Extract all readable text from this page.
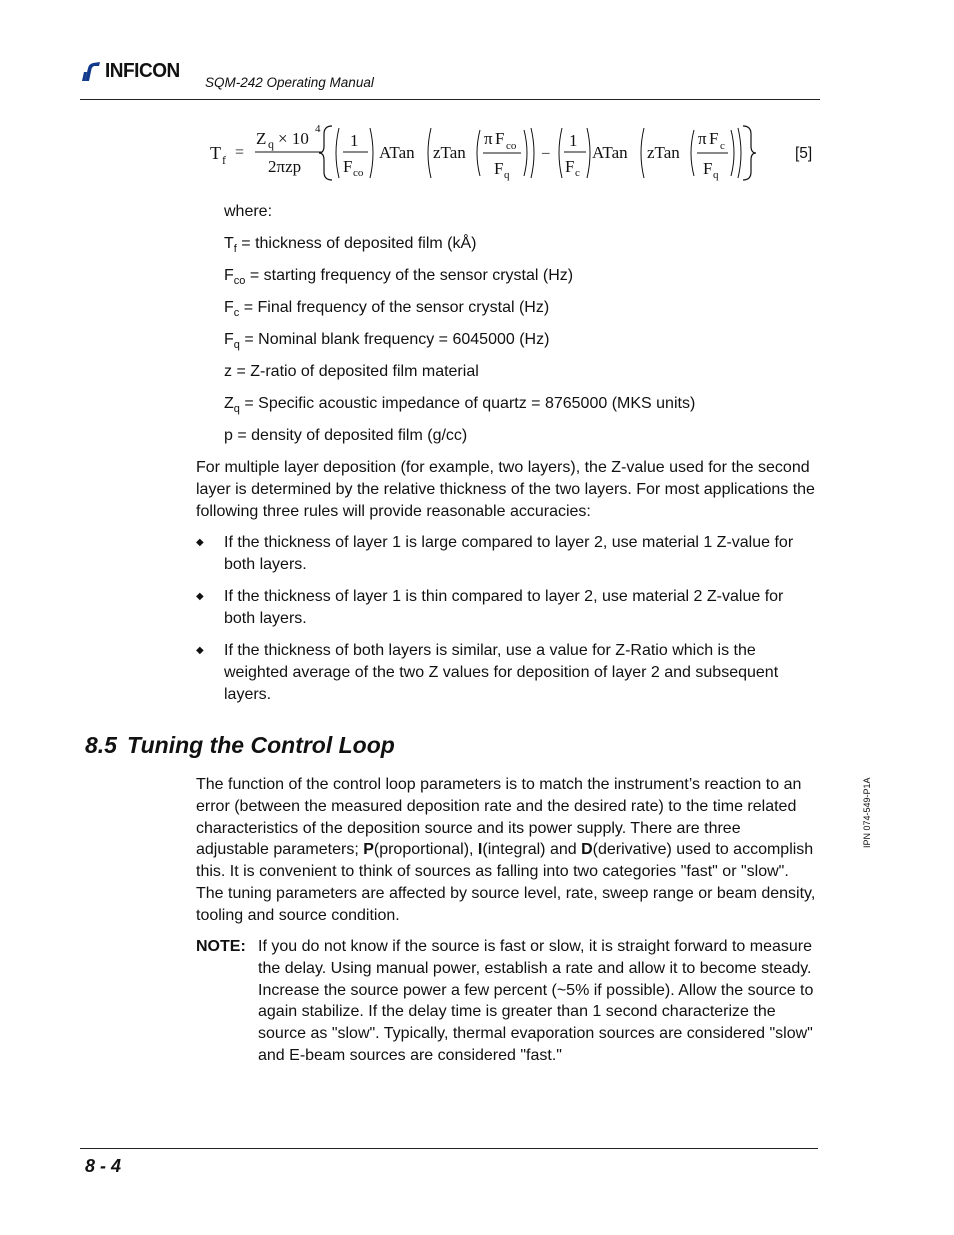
INFICON
SQM-242 Operating Manual
T f =
Z q × 10 4
2πzp
1
F co
ATan zTan
π F co
F q
–
1
F c
ATan zTan
π F c
F q
[5]
where:
$T_f$ = thickness of deposited film (kÅ)
$F_{co}$ = starting frequency of the sensor crystal (Hz)
$F_c$ = Final frequency of the sensor crystal (Hz)
$F_q$ = Nominal blank frequency = 6045000 (Hz)
z = Z-ratio of deposited film material
$Z_q$ = Specific acoustic impedance of quartz = 8765000 (MKS units)
p = density of deposited film (g/cc)
For multiple layer deposition (for example, two layers), the Z-value used for the second layer is determined by the relative thickness of the two layers. For most applications the following three rules will provide reasonable accuracies:
◆ If the thickness of layer 1 is large compared to layer 2, use material 1 Z-value for both layers.
◆ If the thickness of layer 1 is thin compared to layer 2, use material 2 Z-value for both layers.
◆ If the thickness of both layers is similar, use a value for Z-Ratio which is the weighted average of the two Z values for deposition of layer 2 and subsequent layers.
8.5 Tuning the Control Loop
The function of the control loop parameters is to match the instrument’s reaction to an error (between the measured deposition rate and the desired rate) to the time related characteristics of the deposition source and its power supply. There are three adjustable parameters; P(proportional), I(integral) and D(derivative) used to accomplish this. It is convenient to think of sources as falling into two categories "fast" or "slow". The tuning parameters are affected by source level, rate, sweep range or beam density, tooling and source condition.
NOTE: If you do not know if the source is fast or slow, it is straight forward to measure the delay. Using manual power, establish a rate and allow it to become steady. Increase the source power a few percent (~5% if possible). Allow the source to again stabilize. If the delay time is greater than 1 second characterize the source as "slow". Typically, thermal evaporation sources are considered "slow" and E-beam sources are considered "fast."
IPN 074-549-P1A
8 - 4
